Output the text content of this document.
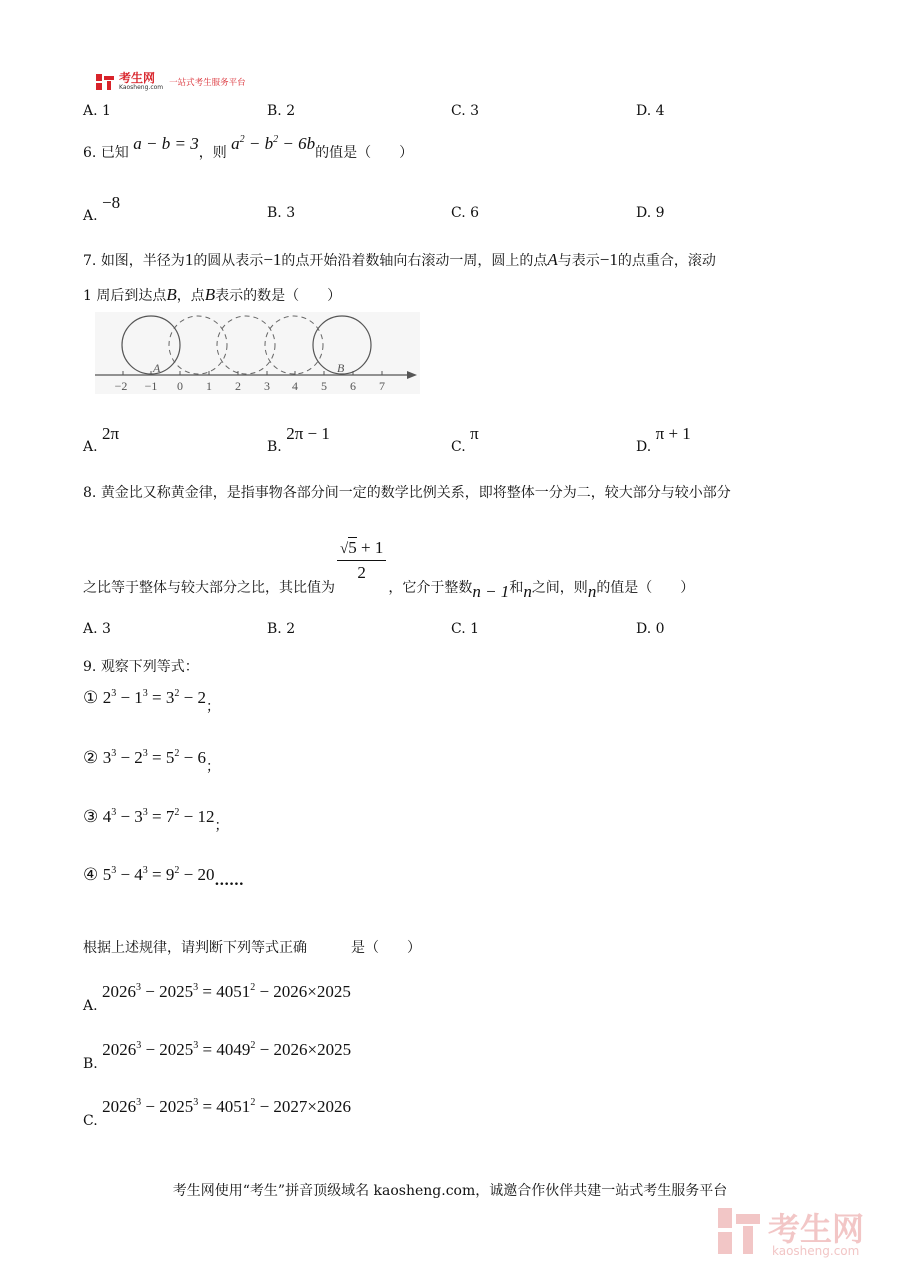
考生网
Kaosheng.com 一站式考生服务平台
A. 1	B. 2	C. 3	D. 4
6. 已知 a − b = 3，则 $a^2 - b^2 - 6b$的值是（　　）
A. −8
B. 3	C. 6	D. 9
7. 如图，半径为1的圆从表示−1的点开始沿着数轴向右滚动一周，圆上的点A与表示−1的点重合，滚动
1 周后到达点B，点B表示的数是（　　）
−2 −1 0 1 2 3 4 5 6 7
A	B
A. 2π
B. 2π − 1
C. π
D. π + 1
8. 黄金比又称黄金律，是指事物各部分间一定的数学比例关系，即将整体一分为二，较大部分与较小部分
之比等于整体与较大部分之比，其比值为
$\frac{√5 + 1}{2}$
，它介于整数n − 1和n之间，则n的值是（　　）
A. 3	B. 2	C. 1	D. 0
9. 观察下列等式：
① $2^3 - 1^3 = 3^2 - 2$；
② $3^3 - 2^3 = 5^2 - 6$；
③ $4^3 - 3^3 = 7^2 - 12$；
④ $5^3 - 4^3 = 9^2 - 20$......
根据上述规律，请判断下列等式正确	是（　　）
A. $2026^3 - 2025^3 = 4051^2 - 2026\times 2025$
B. $2026^3 - 2025^3 = 4049^2 - 2026\times 2025$
C. $2026^3 - 2025^3 = 4051^2 - 2027\times 2026$
考生网使用“考生”拼音顶级域名 kaosheng.com，诚邀合作伙伴共建一站式考生服务平台
考生网
kaosheng.com
